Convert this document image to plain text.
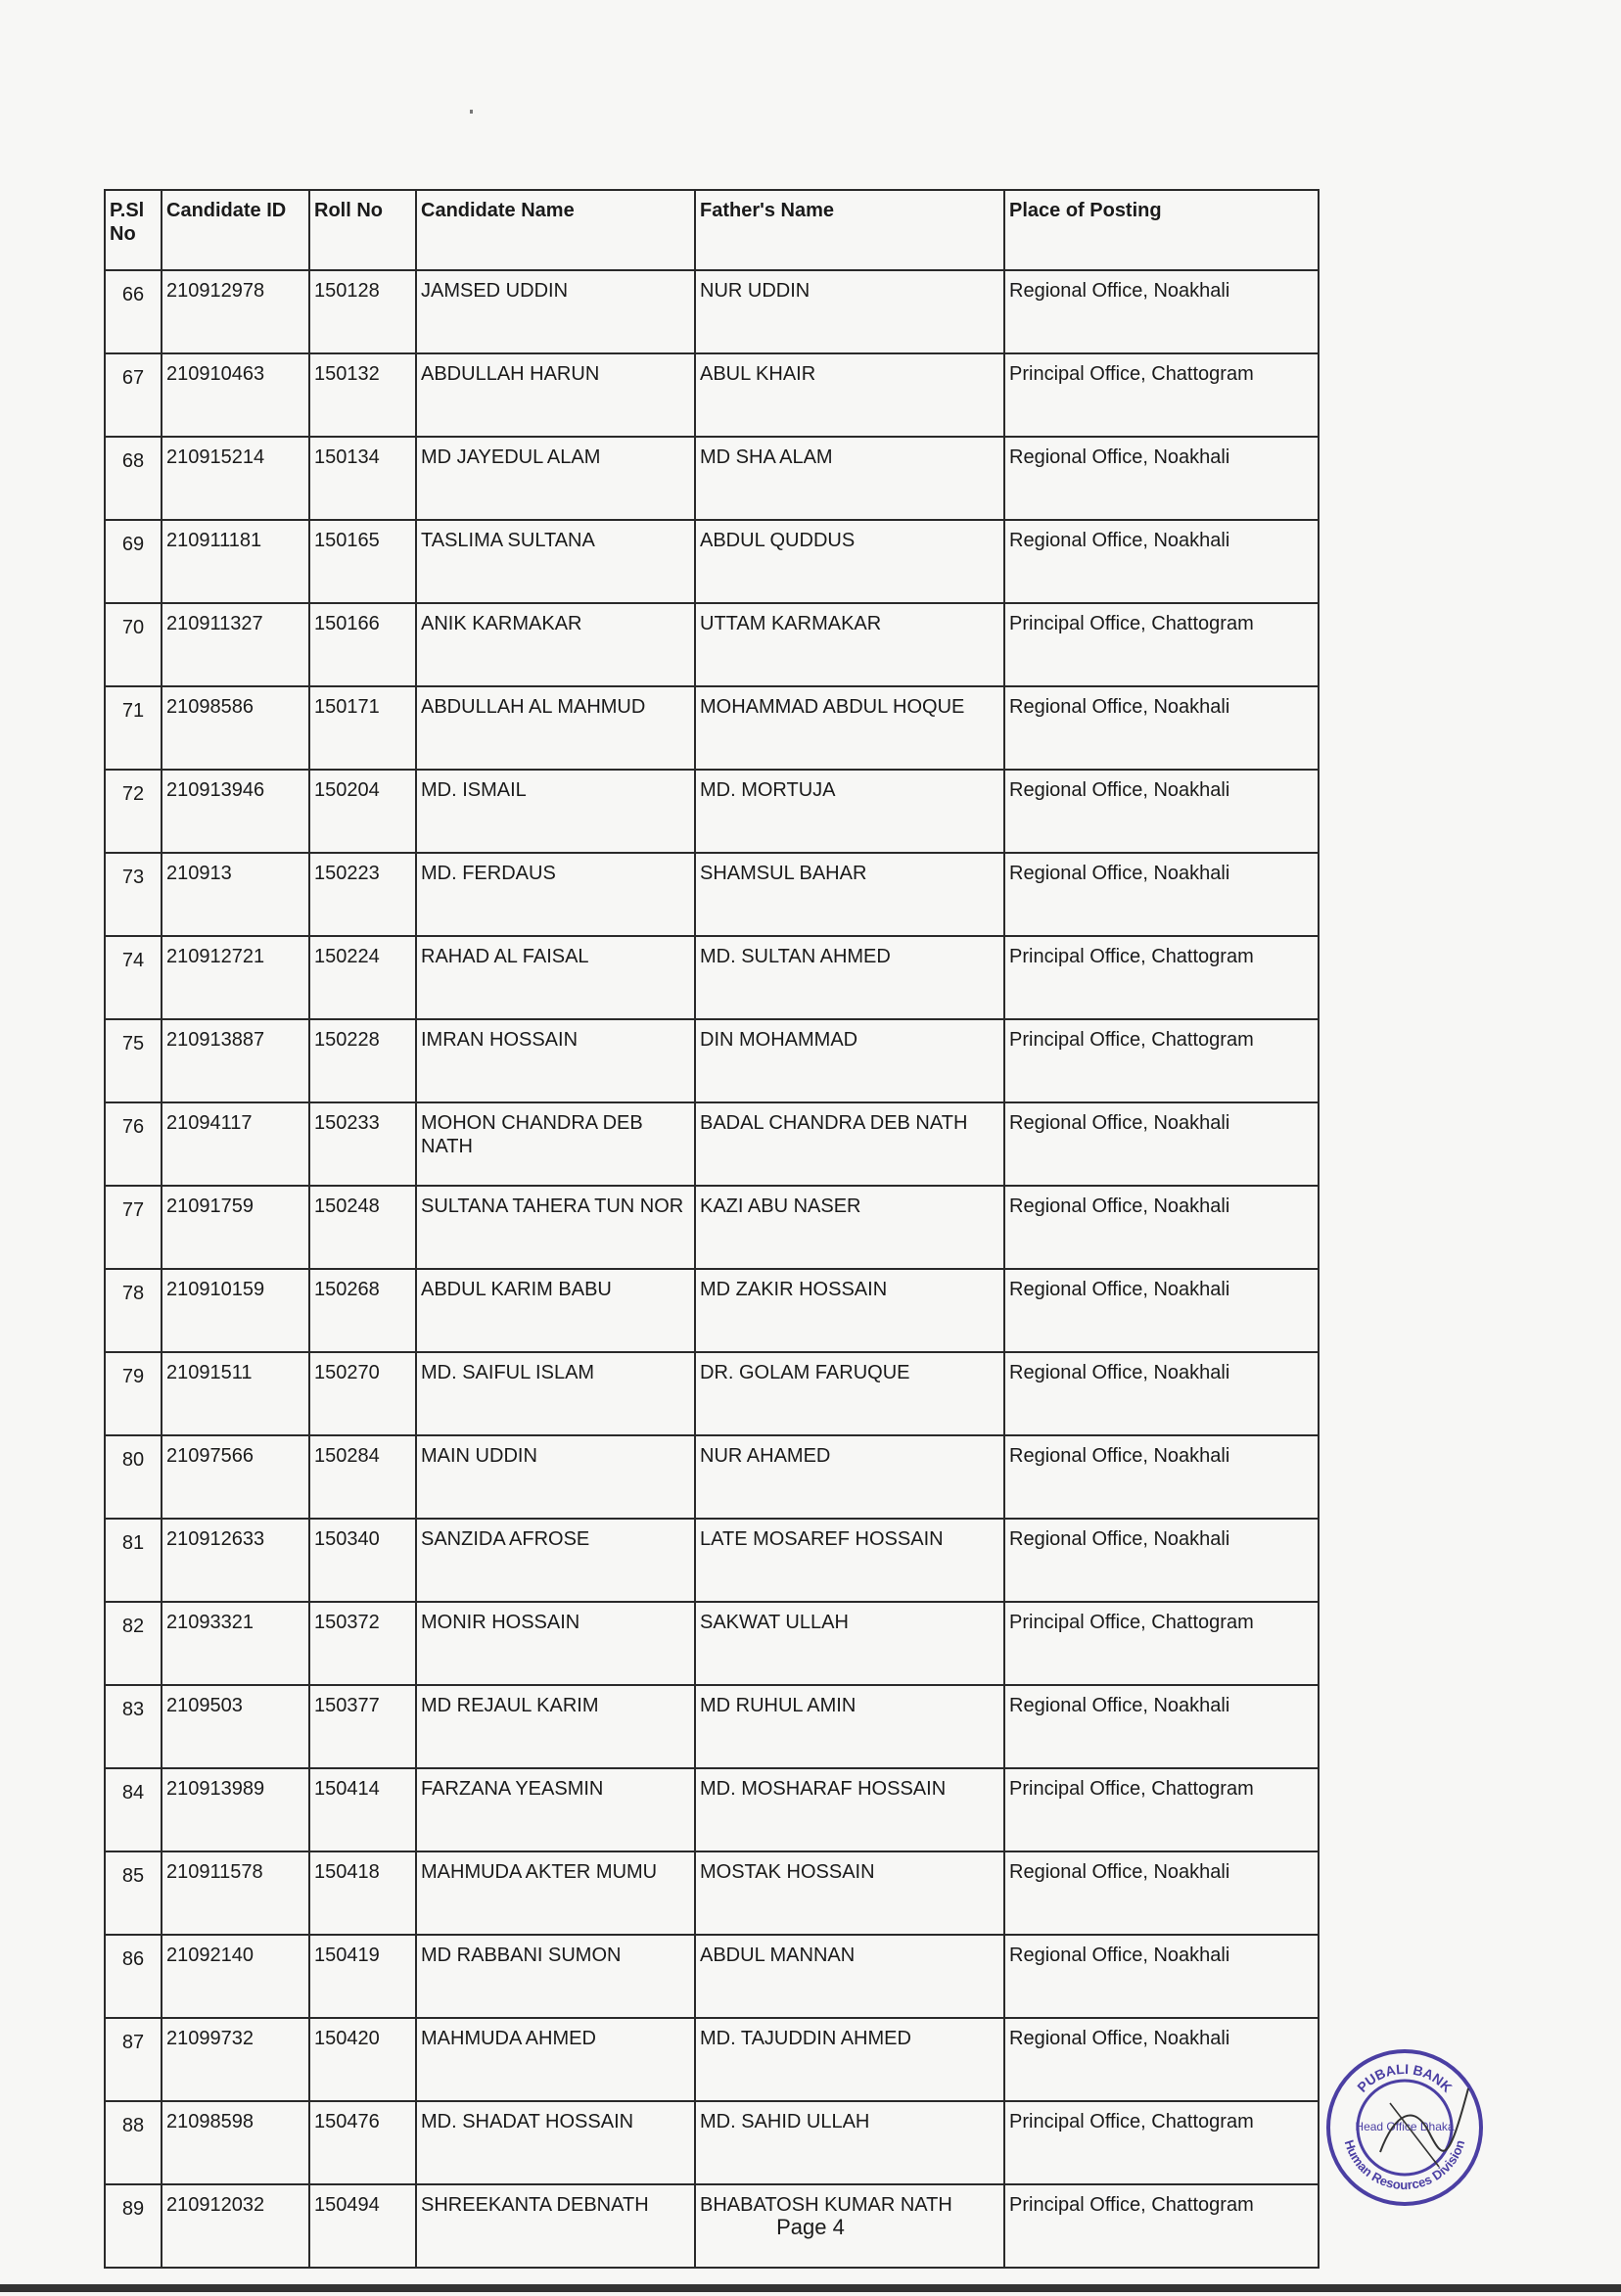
P.Sl No	Candidate ID	Roll No	Candidate Name	Father's Name	Place of Posting
66	210912978	150128	JAMSED UDDIN	NUR UDDIN	Regional Office, Noakhali
67	210910463	150132	ABDULLAH HARUN	ABUL KHAIR	Principal Office, Chattogram
68	210915214	150134	MD JAYEDUL ALAM	MD SHA ALAM	Regional Office, Noakhali
69	210911181	150165	TASLIMA SULTANA	ABDUL QUDDUS	Regional Office, Noakhali
70	210911327	150166	ANIK KARMAKAR	UTTAM KARMAKAR	Principal Office, Chattogram
71	21098586	150171	ABDULLAH AL MAHMUD	MOHAMMAD ABDUL HOQUE	Regional Office, Noakhali
72	210913946	150204	MD. ISMAIL	MD. MORTUJA	Regional Office, Noakhali
73	210913	150223	MD. FERDAUS	SHAMSUL BAHAR	Regional Office, Noakhali
74	210912721	150224	RAHAD AL FAISAL	MD. SULTAN AHMED	Principal Office, Chattogram
75	210913887	150228	IMRAN HOSSAIN	DIN MOHAMMAD	Principal Office, Chattogram
76	21094117	150233	MOHON CHANDRA DEB NATH	BADAL CHANDRA DEB NATH	Regional Office, Noakhali
77	21091759	150248	SULTANA TAHERA TUN NOR	KAZI ABU NASER	Regional Office, Noakhali
78	210910159	150268	ABDUL KARIM BABU	MD ZAKIR HOSSAIN	Regional Office, Noakhali
79	21091511	150270	MD. SAIFUL ISLAM	DR. GOLAM FARUQUE	Regional Office, Noakhali
80	21097566	150284	MAIN UDDIN	NUR AHAMED	Regional Office, Noakhali
81	210912633	150340	SANZIDA AFROSE	LATE MOSAREF HOSSAIN	Regional Office, Noakhali
82	21093321	150372	MONIR HOSSAIN	SAKWAT ULLAH	Principal Office, Chattogram
83	2109503	150377	MD REJAUL KARIM	MD RUHUL AMIN	Regional Office, Noakhali
84	210913989	150414	FARZANA YEASMIN	MD. MOSHARAF HOSSAIN	Principal Office, Chattogram
85	210911578	150418	MAHMUDA AKTER MUMU	MOSTAK HOSSAIN	Regional Office, Noakhali
86	21092140	150419	MD RABBANI SUMON	ABDUL MANNAN	Regional Office, Noakhali
87	21099732	150420	MAHMUDA AHMED	MD. TAJUDDIN AHMED	Regional Office, Noakhali
88	21098598	150476	MD. SHADAT HOSSAIN	MD. SAHID ULLAH	Principal Office, Chattogram
89	210912032	150494	SHREEKANTA DEBNATH	BHABATOSH KUMAR NATH	Principal Office, Chattogram
PUBALI BANK
Head Office Dhaka
Human Resources Division
Page 4
